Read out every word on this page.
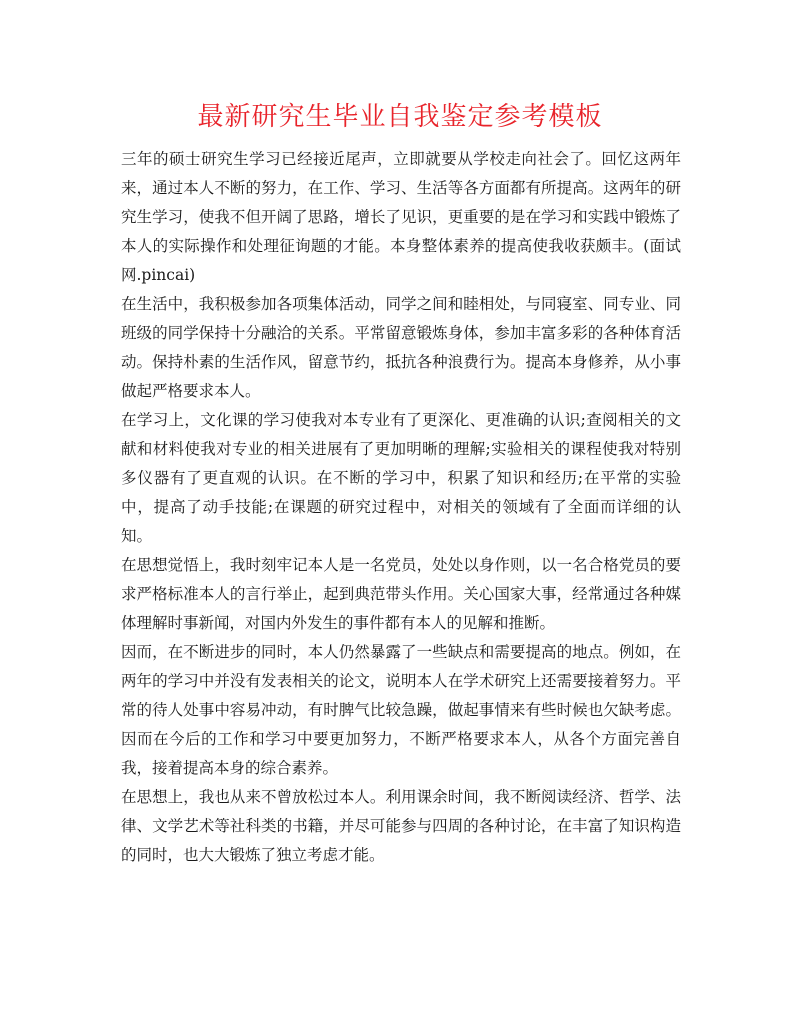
最新研究生毕业自我鉴定参考模板

三年的硕士研究生学习已经接近尾声，立即就要从学校走向社会了。回忆这两年来，通过本人不断的努力，在工作、学习、生活等各方面都有所提高。这两年的研究生学习，使我不但开阔了思路，增长了见识，更重要的是在学习和实践中锻炼了本人的实际操作和处理征询题的才能。本身整体素养的提高使我收获颇丰。(面试网.pincai)

在生活中，我积极参加各项集体活动，同学之间和睦相处，与同寝室、同专业、同班级的同学保持十分融洽的关系。平常留意锻炼身体，参加丰富多彩的各种体育活动。保持朴素的生活作风，留意节约，抵抗各种浪费行为。提高本身修养，从小事做起严格要求本人。

在学习上，文化课的学习使我对本专业有了更深化、更准确的认识;查阅相关的文献和材料使我对专业的相关进展有了更加明晰的理解;实验相关的课程使我对特别多仪器有了更直观的认识。在不断的学习中，积累了知识和经历;在平常的实验中，提高了动手技能;在课题的研究过程中，对相关的领域有了全面而详细的认知。

在思想觉悟上，我时刻牢记本人是一名党员，处处以身作则，以一名合格党员的要求严格标准本人的言行举止，起到典范带头作用。关心国家大事，经常通过各种媒体理解时事新闻，对国内外发生的事件都有本人的见解和推断。

因而，在不断进步的同时，本人仍然暴露了一些缺点和需要提高的地点。例如，在两年的学习中并没有发表相关的论文，说明本人在学术研究上还需要接着努力。平常的待人处事中容易冲动，有时脾气比较急躁，做起事情来有些时候也欠缺考虑。因而在今后的工作和学习中要更加努力，不断严格要求本人，从各个方面完善自我，接着提高本身的综合素养。

在思想上，我也从来不曾放松过本人。利用课余时间，我不断阅读经济、哲学、法律、文学艺术等社科类的书籍，并尽可能参与四周的各种讨论，在丰富了知识构造的同时，也大大锻炼了独立考虑才能。
